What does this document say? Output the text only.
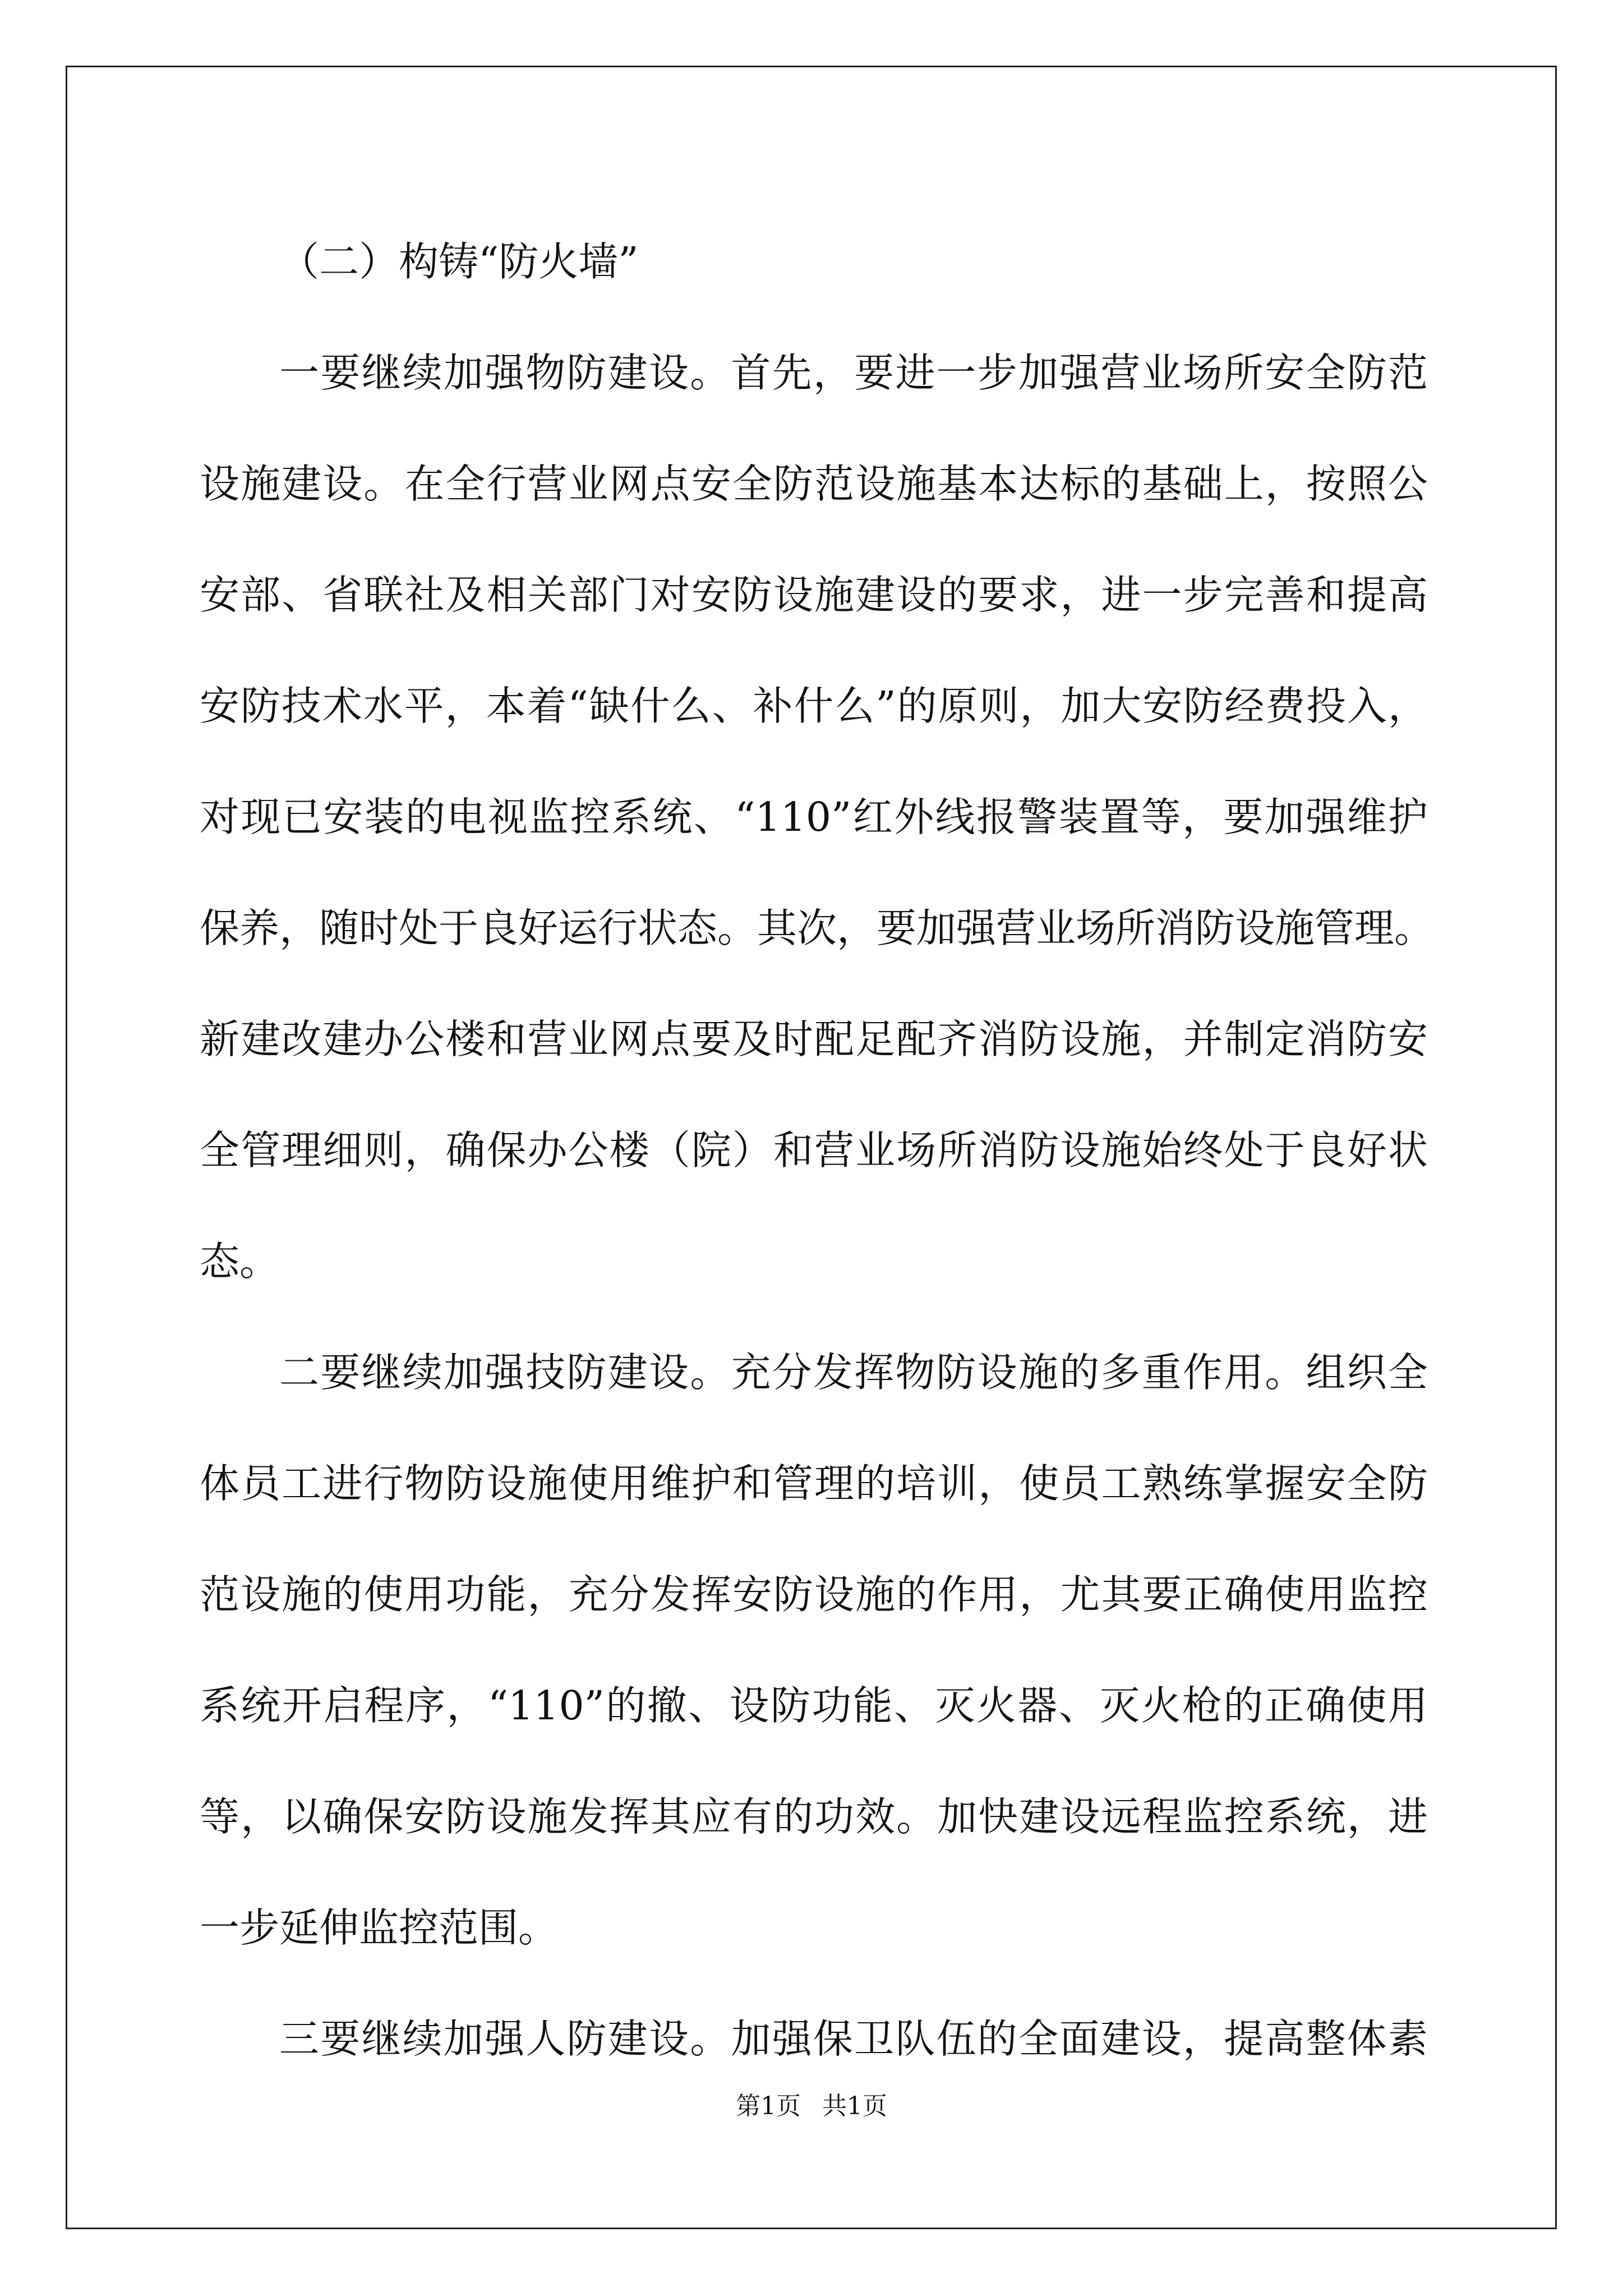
（二）构铸“防火墙”
一要继续加强物防建设。首先，要进一步加强营业场所安全防范
设施建设。在全行营业网点安全防范设施基本达标的基础上，按照公
安部、省联社及相关部门对安防设施建设的要求，进一步完善和提高
安防技术水平，本着“缺什么、补什么”的原则，加大安防经费投入，
对现已安装的电视监控系统、“110”红外线报警装置等，要加强维护
保养，随时处于良好运行状态。其次，要加强营业场所消防设施管理。
新建改建办公楼和营业网点要及时配足配齐消防设施，并制定消防安
全管理细则，确保办公楼（院）和营业场所消防设施始终处于良好状
态。
二要继续加强技防建设。充分发挥物防设施的多重作用。组织全
体员工进行物防设施使用维护和管理的培训，使员工熟练掌握安全防
范设施的使用功能，充分发挥安防设施的作用，尤其要正确使用监控
系统开启程序，“110”的撤、设防功能、灭火器、灭火枪的正确使用
等，以确保安防设施发挥其应有的功效。加快建设远程监控系统，进
一步延伸监控范围。
三要继续加强人防建设。加强保卫队伍的全面建设，提高整体素
第1页 共1页
